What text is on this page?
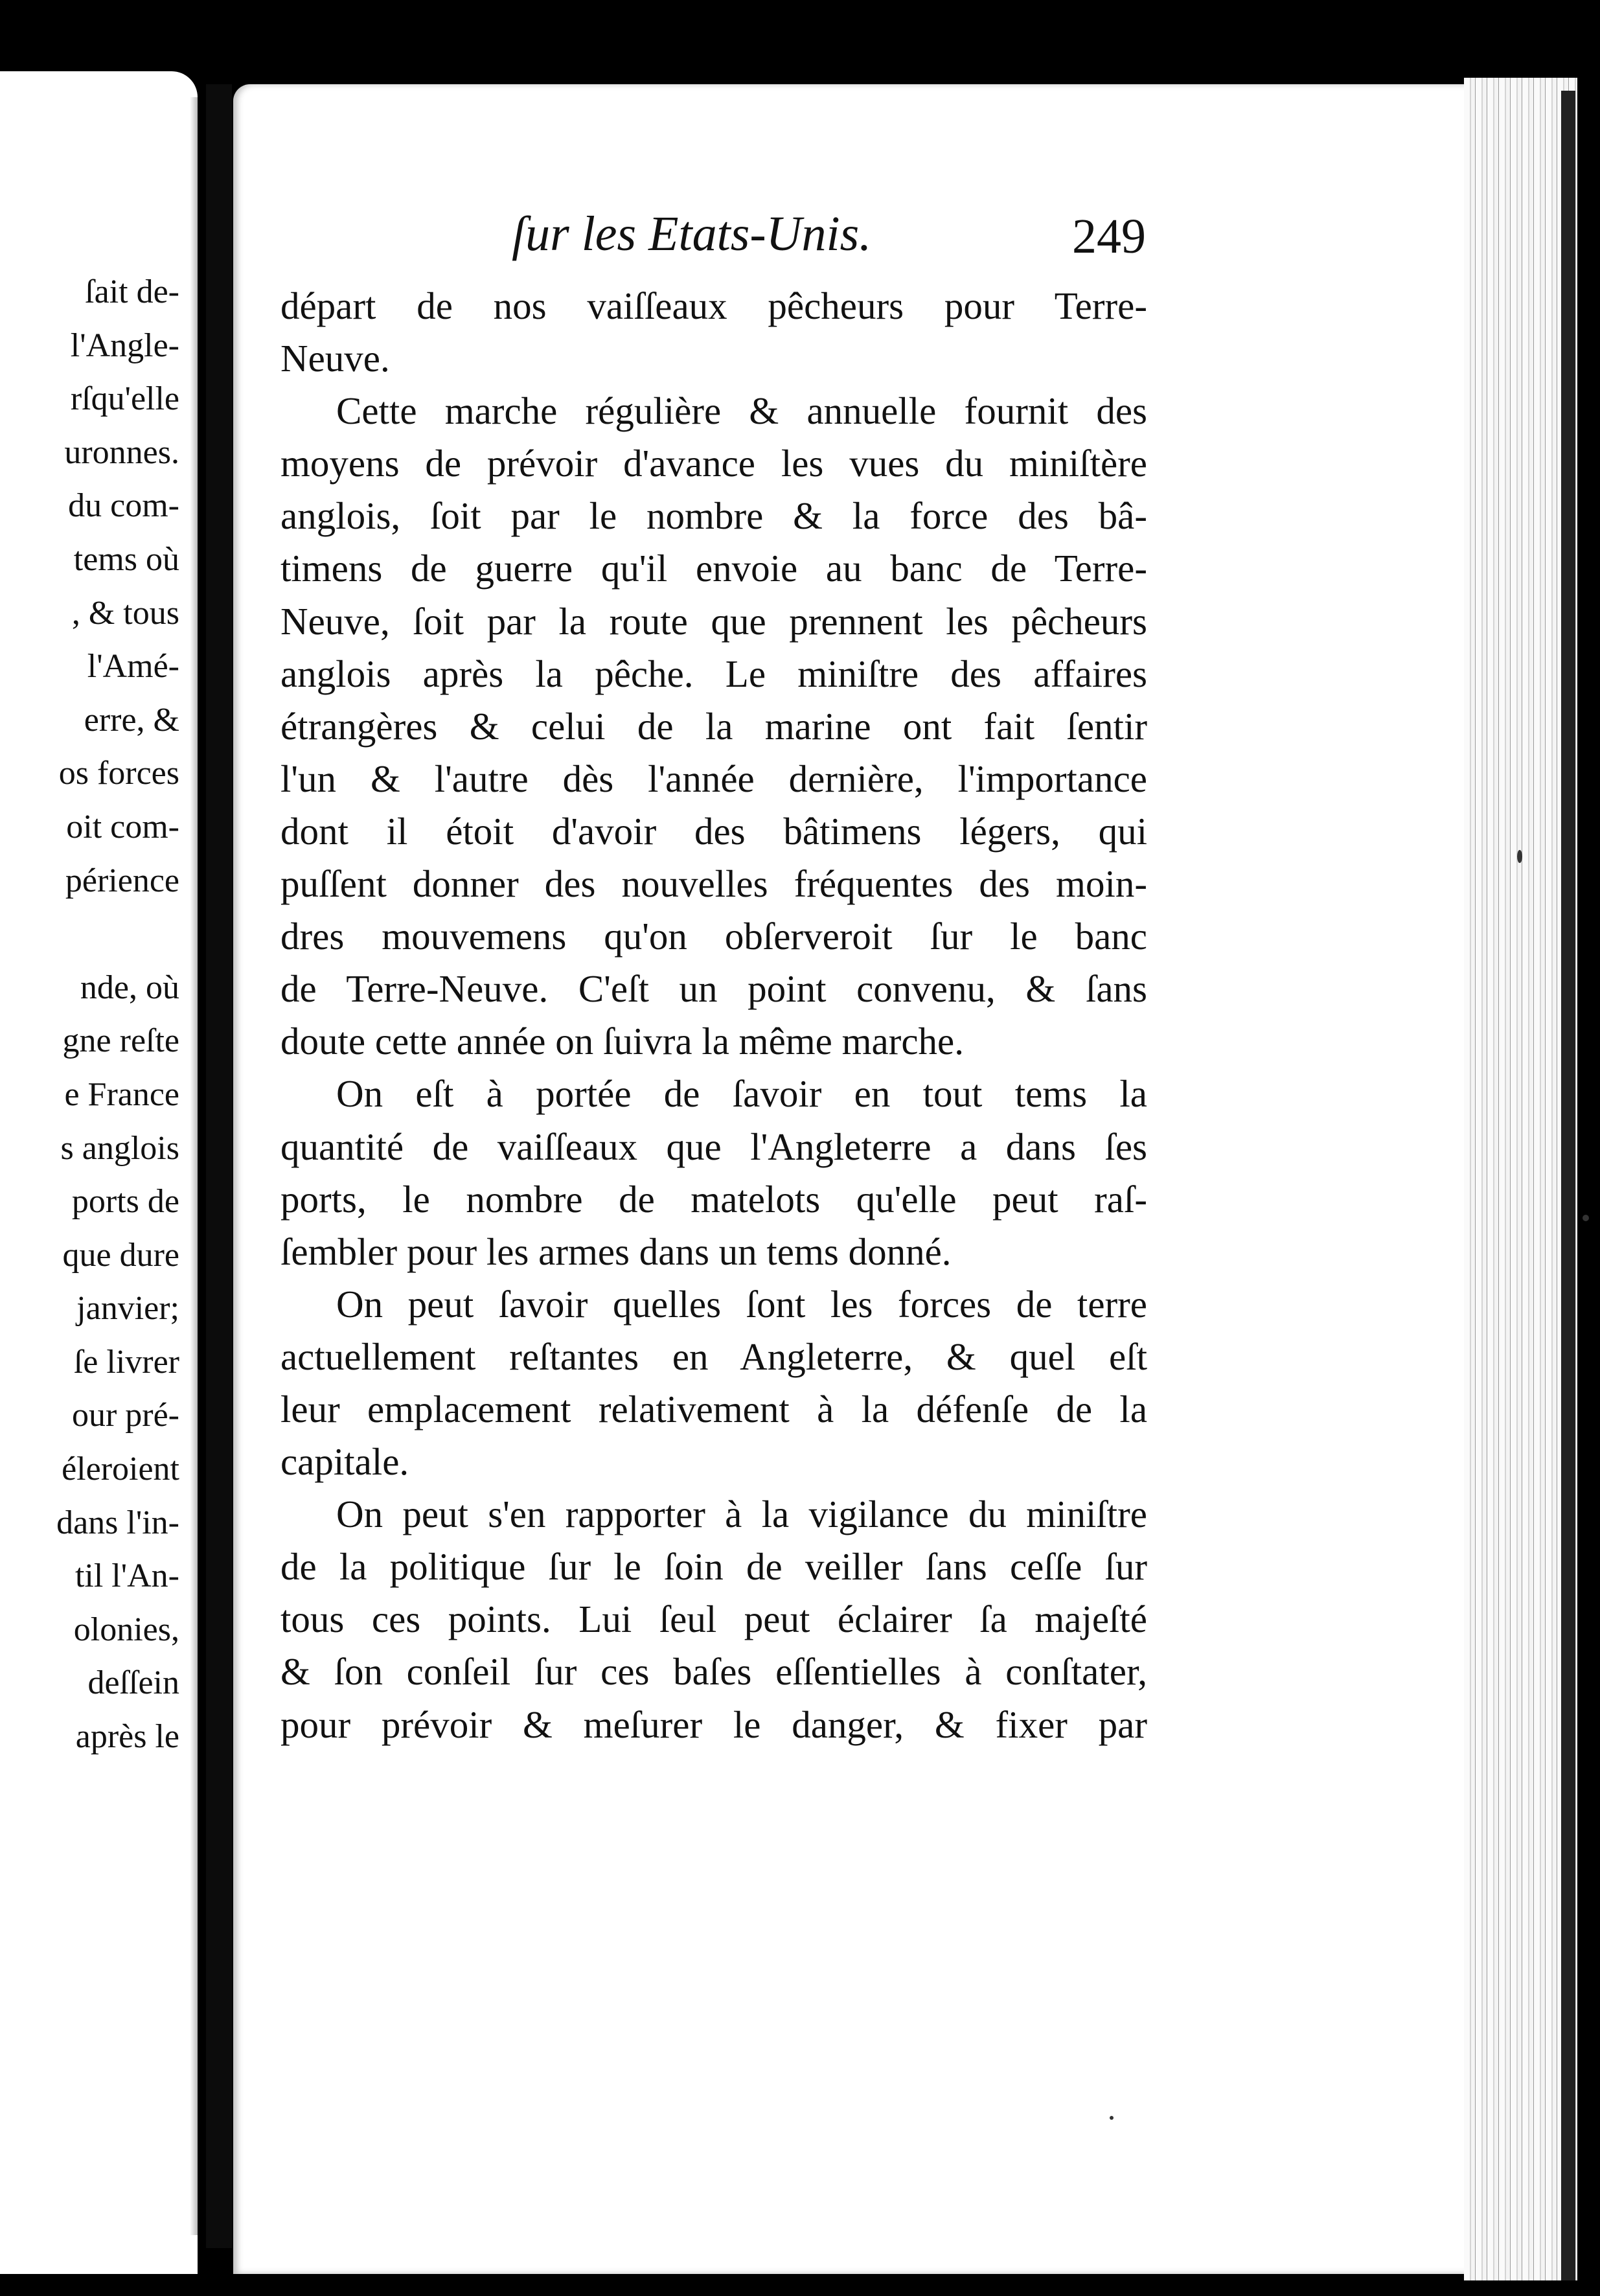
ſait de-
l'Angle-
rſqu'elle
uronnes.
du com-
tems où
, & tous
l'Amé-
erre, &
os forces
oit com-
périence
nde, où
gne reſte
e France
s anglois
ports de
que dure
janvier;
ſe livrer
our pré-
éleroient
dans l'in-
til l'An-
olonies,
deſſein
après le
ſur les Etats-Unis.	249
départ de nos vaiſſeaux pêcheurs pour Terre-
Neuve.
Cette marche régulière & annuelle fournit des
moyens de prévoir d'avance les vues du miniſtère
anglois, ſoit par le nombre & la force des bâ-
timens de guerre qu'il envoie au banc de Terre-
Neuve, ſoit par la route que prennent les pêcheurs
anglois après la pêche. Le miniſtre des affaires
étrangères & celui de la marine ont fait ſentir
l'un & l'autre dès l'année dernière, l'importance
dont il étoit d'avoir des bâtimens légers, qui
puſſent donner des nouvelles fréquentes des moin-
dres mouvemens qu'on obſerveroit ſur le banc
de Terre-Neuve. C'eſt un point convenu, & ſans
doute cette année on ſuivra la même marche.
On eſt à portée de ſavoir en tout tems la
quantité de vaiſſeaux que l'Angleterre a dans ſes
ports, le nombre de matelots qu'elle peut raſ-
ſembler pour les armes dans un tems donné.
On peut ſavoir quelles ſont les forces de terre
actuellement reſtantes en Angleterre, & quel eſt
leur emplacement relativement à la défenſe de la
capitale.
On peut s'en rapporter à la vigilance du miniſtre
de la politique ſur le ſoin de veiller ſans ceſſe ſur
tous ces points. Lui ſeul peut éclairer ſa majeſté
& ſon conſeil ſur ces baſes eſſentielles à conſtater,
pour prévoir & meſurer le danger, & fixer par
